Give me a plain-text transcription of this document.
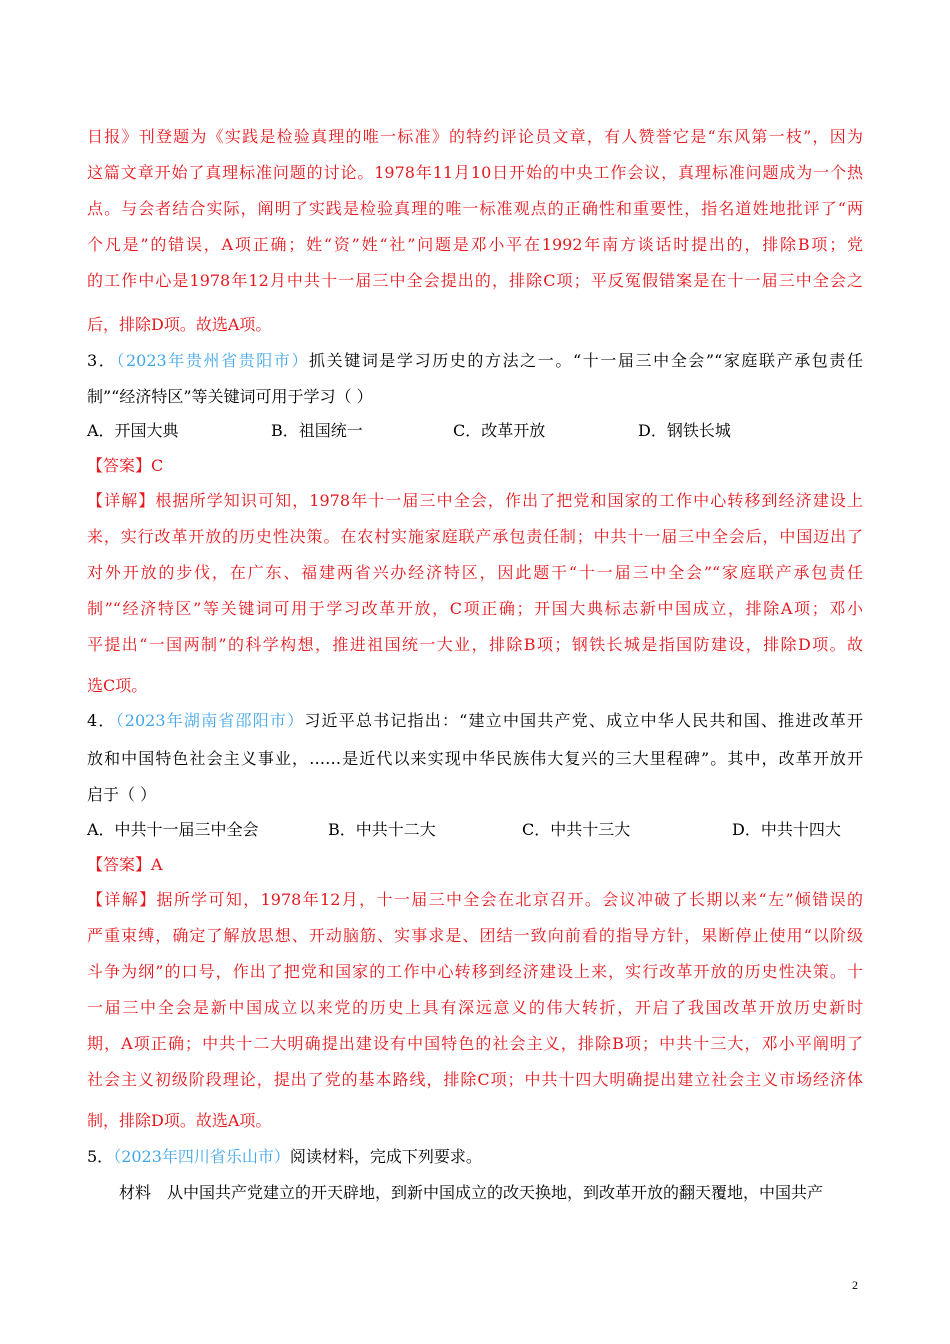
日报》刊登题为《实践是检验真理的唯一标准》的特约评论员文章，有人赞誉它是“东风第一枝”，因为
这篇文章开始了真理标准问题的讨论。1978年11月10日开始的中央工作会议，真理标准问题成为一个热
点。与会者结合实际，阐明了实践是检验真理的唯一标准观点的正确性和重要性，指名道姓地批评了“两
个凡是”的错误，A项正确；姓“资”姓“社”问题是邓小平在1992年南方谈话时提出的，排除B项；党
的工作中心是1978年12月中共十一届三中全会提出的，排除C项；平反冤假错案是在十一届三中全会之
后，排除D项。故选A项。
3．（2023年贵州省贵阳市）抓关键词是学习历史的方法之一。“十一届三中全会”“家庭联产承包责任
制”“经济特区”等关键词可用于学习（ ）
A．开国大典	B．祖国统一	C．改革开放	D．钢铁长城
【答案】C
【详解】根据所学知识可知，1978年十一届三中全会，作出了把党和国家的工作中心转移到经济建设上
来，实行改革开放的历史性决策。在农村实施家庭联产承包责任制；中共十一届三中全会后，中国迈出了
对外开放的步伐，在广东、福建两省兴办经济特区，因此题干“十一届三中全会”“家庭联产承包责任
制”“经济特区”等关键词可用于学习改革开放，C项正确；开国大典标志新中国成立，排除A项；邓小
平提出“一国两制”的科学构想，推进祖国统一大业，排除B项；钢铁长城是指国防建设，排除D项。故
选C项。
4．（2023年湖南省邵阳市）习近平总书记指出：“建立中国共产党、成立中华人民共和国、推进改革开
放和中国特色社会主义事业，……是近代以来实现中华民族伟大复兴的三大里程碑”。其中，改革开放开
启于（ ）
A．中共十一届三中全会	B．中共十二大	C．中共十三大	D．中共十四大
【答案】A
【详解】据所学可知，1978年12月，十一届三中全会在北京召开。会议冲破了长期以来“左”倾错误的
严重束缚，确定了解放思想、开动脑筋、实事求是、团结一致向前看的指导方针，果断停止使用“以阶级
斗争为纲”的口号，作出了把党和国家的工作中心转移到经济建设上来，实行改革开放的历史性决策。十
一届三中全会是新中国成立以来党的历史上具有深远意义的伟大转折，开启了我国改革开放历史新时
期，A项正确；中共十二大明确提出建设有中国特色的社会主义，排除B项；中共十三大，邓小平阐明了
社会主义初级阶段理论，提出了党的基本路线，排除C项；中共十四大明确提出建立社会主义市场经济体
制，排除D项。故选A项。
5．（2023年四川省乐山市）阅读材料，完成下列要求。
材料 从中国共产党建立的开天辟地，到新中国成立的改天换地，到改革开放的翻天覆地，中国共产
2
